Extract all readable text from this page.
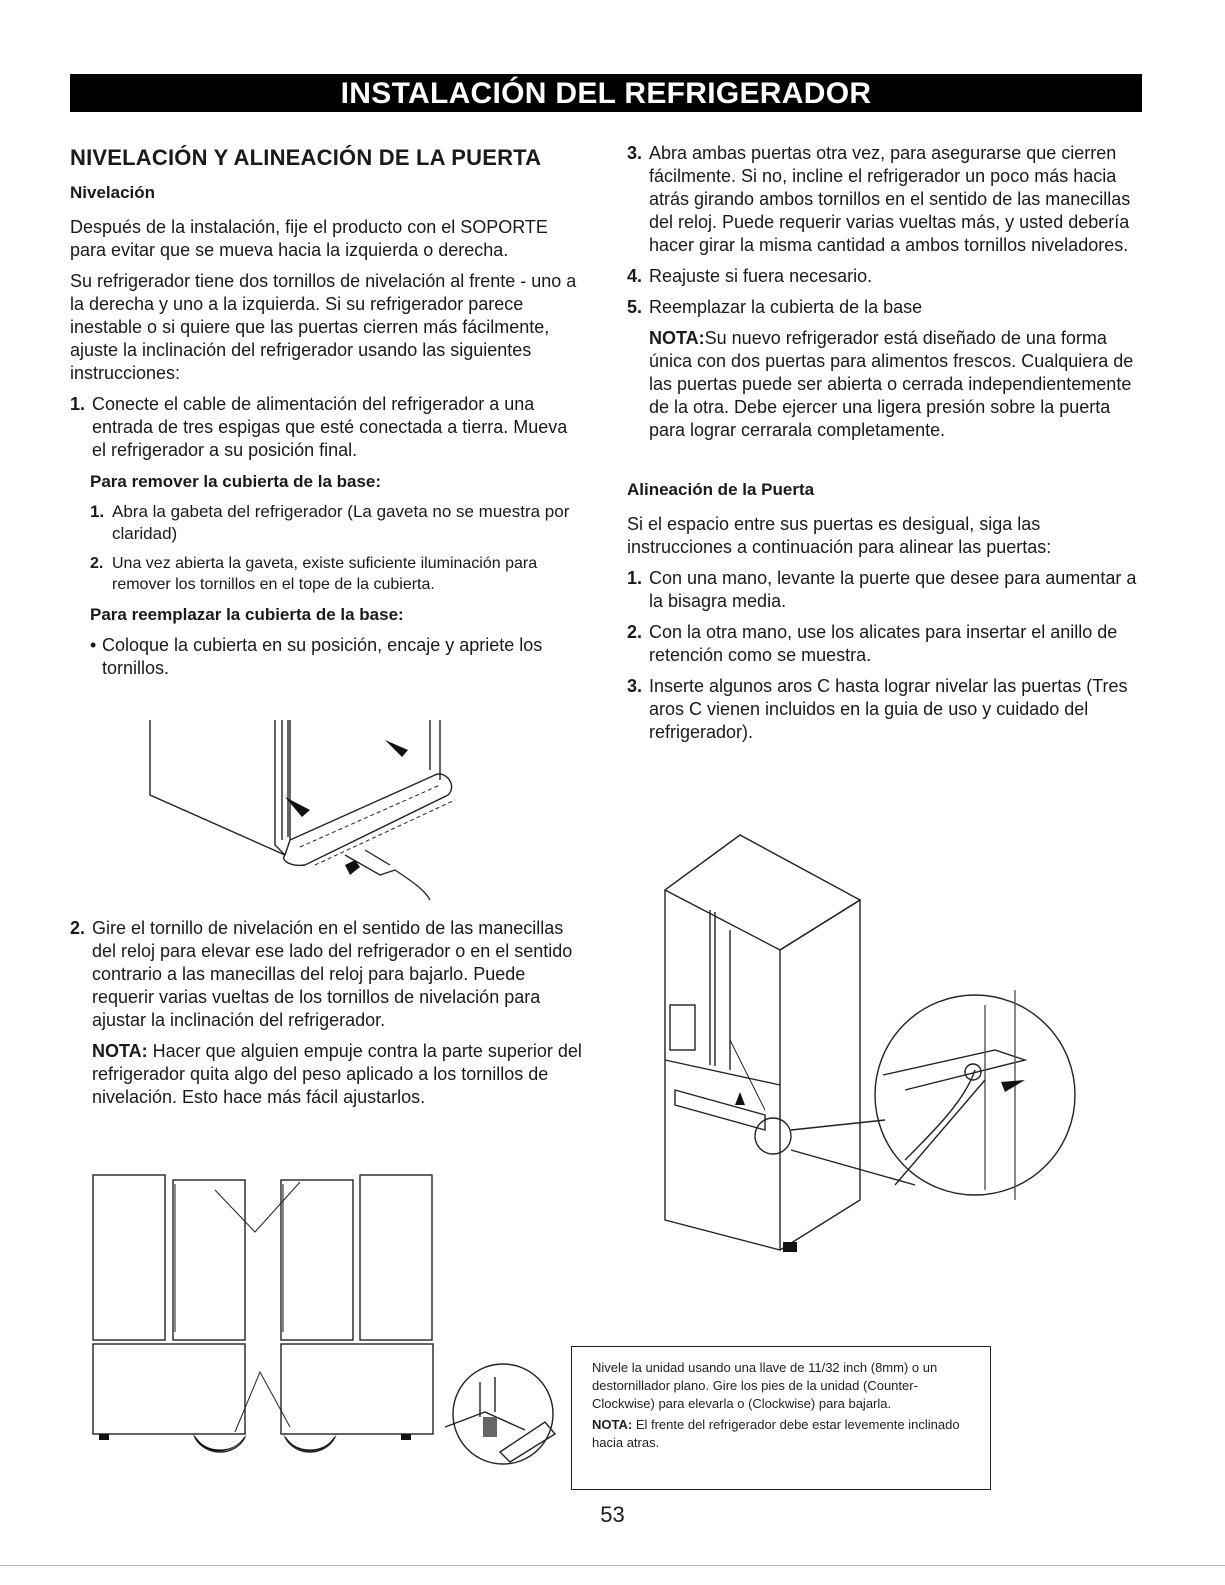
INSTALACIÓN DEL REFRIGERADOR
NIVELACIÓN Y ALINEACIÓN DE LA PUERTA
Nivelación

Después de la instalación, fije el producto con el SOPORTE para evitar que se mueva hacia la izquierda o derecha.

Su refrigerador tiene dos tornillos de nivelación al frente - uno a la derecha y uno a la izquierda. Si su refrigerador parece inestable o si quiere que las puertas cierren más fácilmente, ajuste la inclinación del refrigerador usando las siguientes instrucciones:

1. Conecte el cable de alimentación del refrigerador a una entrada de tres espigas que esté conectada a tierra. Mueva el refrigerador a su posición final.
Para remover la cubierta de la base:
1. Abra la gabeta del refrigerador (La gaveta no se muestra por claridad)
2. Una vez abierta la gaveta, existe suficiente iluminación para remover los tornillos en el tope de la cubierta.
Para reemplazar la cubierta de la base:
• Coloque la cubierta en su posición, encaje y apriete los tornillos.
2. Gire el tornillo de nivelación en el sentido de las manecillas del reloj para elevar ese lado del refrigerador o en el sentido contrario a las manecillas del reloj para bajarlo. Puede requerir varias vueltas de los tornillos de nivelación para ajustar la inclinación del refrigerador.

NOTA: Hacer que alguien empuje contra la parte superior del refrigerador quita algo del peso aplicado a los tornillos de nivelación. Esto hace más fácil ajustarlos.

3. Abra ambas puertas otra vez, para asegurarse que cierren fácilmente. Si no, incline el refrigerador un poco más hacia atrás girando ambos tornillos en el sentido de las manecillas del reloj. Puede requerir varias vueltas más, y usted debería hacer girar la misma cantidad a ambos tornillos niveladores.
4. Reajuste si fuera necesario.
5. Reemplazar la cubierta de la base

NOTA:Su nuevo refrigerador está diseñado de una forma única con dos puertas para alimentos frescos. Cualquiera de las puertas puede ser abierta o cerrada independientemente de la otra. Debe ejercer una ligera presión sobre la puerta para lograr cerrarala completamente.

Alineación de la Puerta

Si el espacio entre sus puertas es desigual, siga las instrucciones a continuación para alinear las puertas:

1. Con una mano, levante la puerte que desee para aumentar a la bisagra media.
2. Con la otra mano, use los alicates para insertar el anillo de retención como se muestra.
3. Inserte algunos aros C hasta lograr nivelar las puertas (Tres aros C vienen incluidos en la guia de uso y cuidado del refrigerador).

Nivele la unidad usando una llave de 11/32 inch (8mm) o un destornillador plano. Gire los pies de la unidad (Counter-Clockwise) para elevarla o (Clockwise) para bajarla.

NOTA: El frente del refrigerador debe estar levemente inclinado hacia atras.

53
